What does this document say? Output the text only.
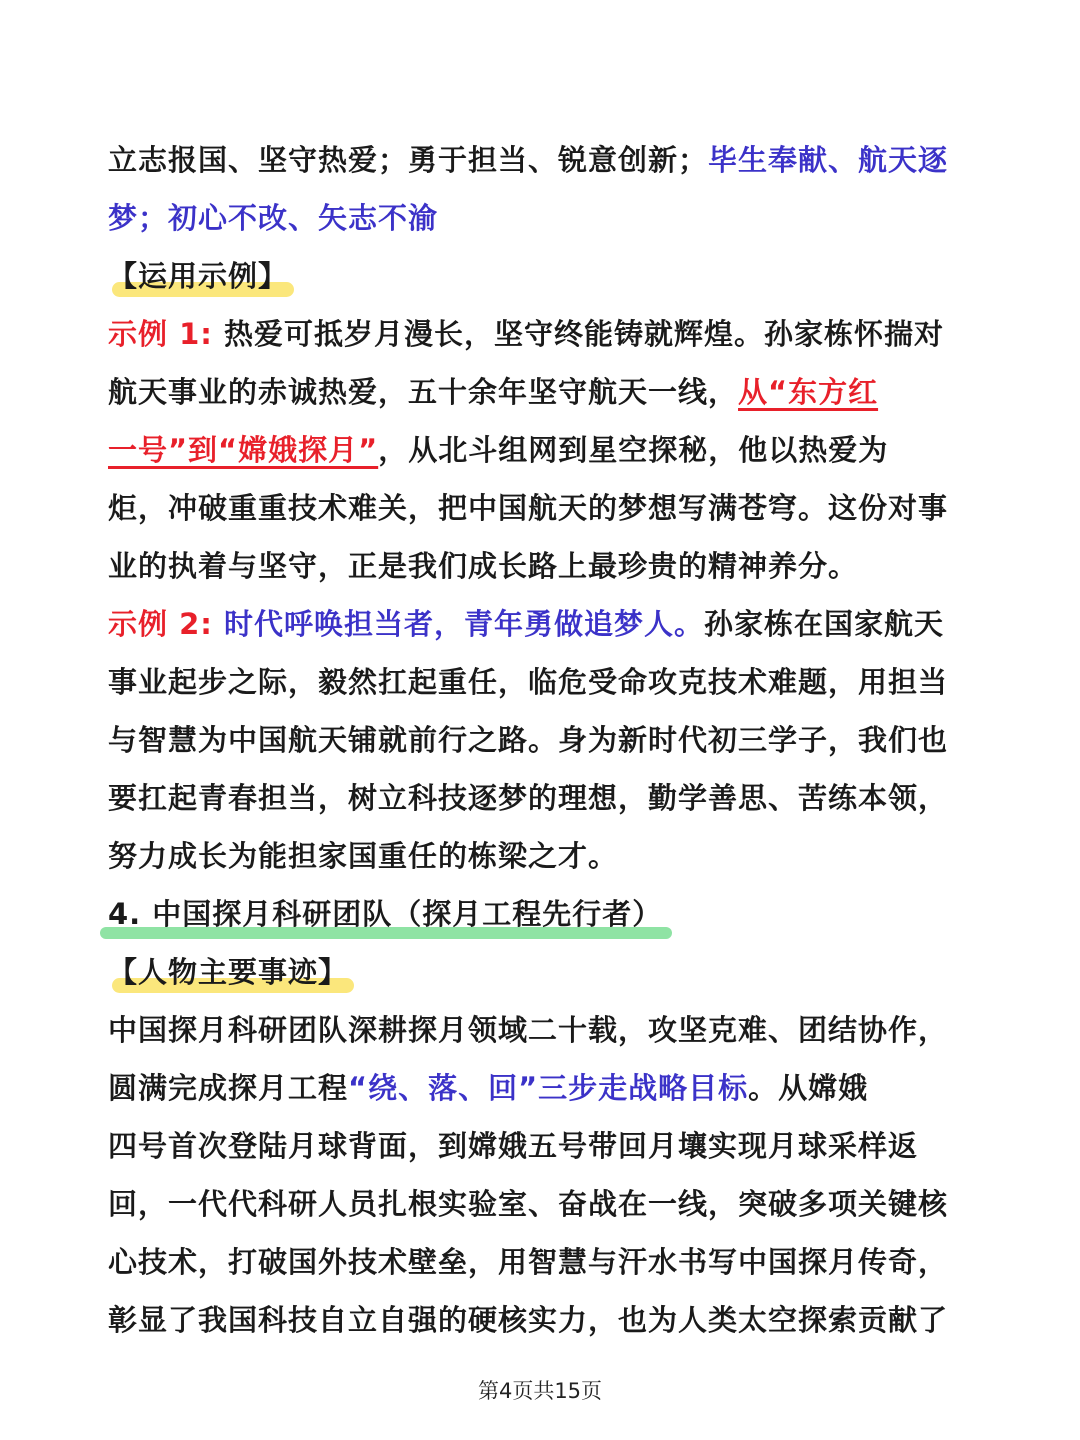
立志报国、坚守热爱；勇于担当、锐意创新；毕生奉献、航天逐
梦；初心不改、矢志不渝
【运用示例】
示例 1: 热爱可抵岁月漫长，坚守终能铸就辉煌。孙家栋怀揣对
航天事业的赤诚热爱，五十余年坚守航天一线，从“东方红
一号”到“嫦娥探月”，从北斗组网到星空探秘，他以热爱为
炬，冲破重重技术难关，把中国航天的梦想写满苍穹。这份对事
业的执着与坚守，正是我们成长路上最珍贵的精神养分。
示例 2: 时代呼唤担当者，青年勇做追梦人。孙家栋在国家航天
事业起步之际，毅然扛起重任，临危受命攻克技术难题，用担当
与智慧为中国航天铺就前行之路。身为新时代初三学子，我们也
要扛起青春担当，树立科技逐梦的理想，勤学善思、苦练本领，
努力成长为能担家国重任的栋梁之才。
4. 中国探月科研团队（探月工程先行者）
【人物主要事迹】
中国探月科研团队深耕探月领域二十载，攻坚克难、团结协作，
圆满完成探月工程“绕、落、回”三步走战略目标。从嫦娥
四号首次登陆月球背面，到嫦娥五号带回月壤实现月球采样返
回，一代代科研人员扎根实验室、奋战在一线，突破多项关键核
心技术，打破国外技术壁垒，用智慧与汗水书写中国探月传奇，
彰显了我国科技自立自强的硬核实力，也为人类太空探索贡献了
第4页共15页
